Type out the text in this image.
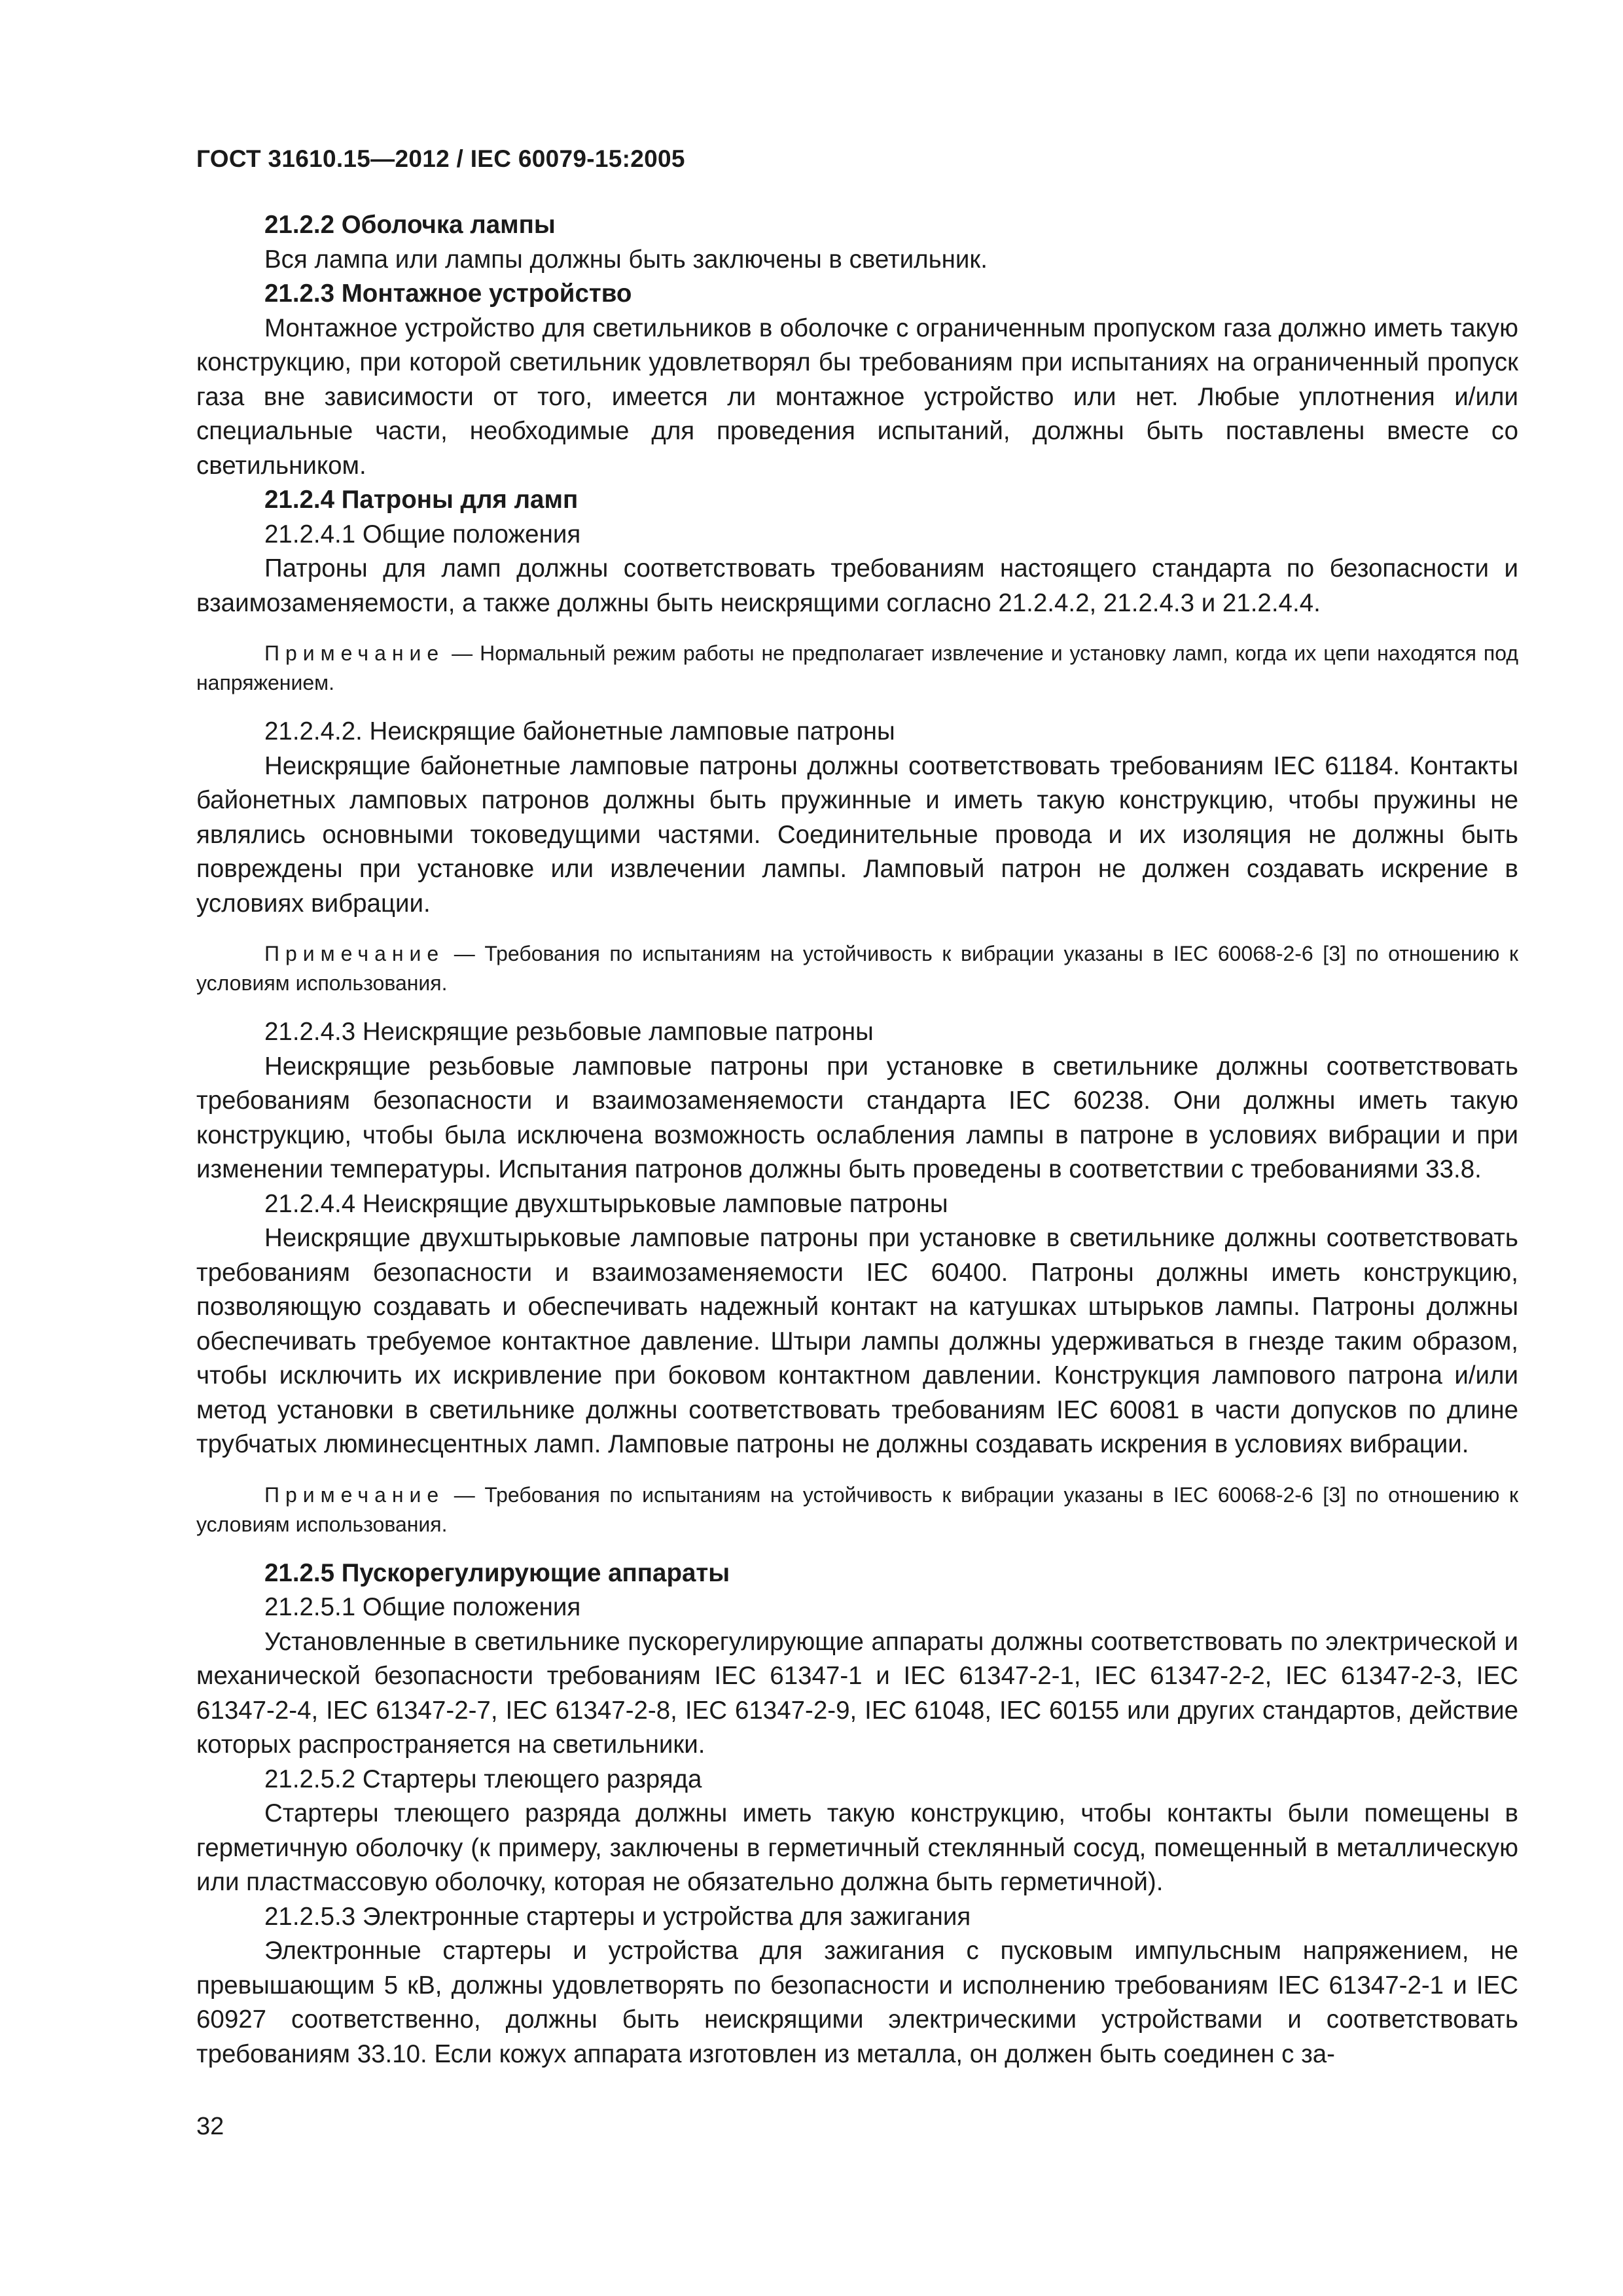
ГОСТ 31610.15—2012 / IEC 60079-15:2005

21.2.2 Оболочка лампы

Вся лампа или лампы должны быть заключены в светильник.

21.2.3 Монтажное устройство

Монтажное устройство для светильников в оболочке с ограниченным пропуском газа должно иметь такую конструкцию, при которой светильник удовлетворял бы требованиям при испытаниях на ограниченный пропуск газа вне зависимости от того, имеется ли монтажное устройство или нет. Любые уплотнения и/или специальные части, необходимые для проведения испытаний, должны быть поставлены вместе со светильником.

21.2.4 Патроны для ламп

21.2.4.1 Общие положения

Патроны для ламп должны соответствовать требованиям настоящего стандарта по безопасности и взаимозаменяемости, а также должны быть неискрящими согласно 21.2.4.2, 21.2.4.3 и 21.2.4.4.

Примечание — Нормальный режим работы не предполагает извлечение и установку ламп, когда их цепи находятся под напряжением.

21.2.4.2. Неискрящие байонетные ламповые патроны

Неискрящие байонетные ламповые патроны должны соответствовать требованиям IEC 61184. Контакты байонетных ламповых патронов должны быть пружинные и иметь такую конструкцию, чтобы пружины не являлись основными токоведущими частями. Соединительные провода и их изоляция не должны быть повреждены при установке или извлечении лампы. Ламповый патрон не должен создавать искрение в условиях вибрации.

Примечание — Требования по испытаниям на устойчивость к вибрации указаны в IEC 60068-2-6 [3] по отношению к условиям использования.

21.2.4.3 Неискрящие резьбовые ламповые патроны

Неискрящие резьбовые ламповые патроны при установке в светильнике должны соответствовать требованиям безопасности и взаимозаменяемости стандарта IEC 60238. Они должны иметь такую конструкцию, чтобы была исключена возможность ослабления лампы в патроне в условиях вибрации и при изменении температуры. Испытания патронов должны быть проведены в соответствии с требованиями 33.8.

21.2.4.4 Неискрящие двухштырьковые ламповые патроны

Неискрящие двухштырьковые ламповые патроны при установке в светильнике должны соответствовать требованиям безопасности и взаимозаменяемости IEC 60400. Патроны должны иметь конструкцию, позволяющую создавать и обеспечивать надежный контакт на катушках штырьков лампы. Патроны должны обеспечивать требуемое контактное давление. Штыри лампы должны удерживаться в гнезде таким образом, чтобы исключить их искривление при боковом контактном давлении. Конструкция лампового патрона и/или метод установки в светильнике должны соответствовать требованиям IEC 60081 в части допусков по длине трубчатых люминесцентных ламп. Ламповые патроны не должны создавать искрения в условиях вибрации.

Примечание — Требования по испытаниям на устойчивость к вибрации указаны в IEC 60068-2-6 [3] по отношению к условиям использования.

21.2.5 Пускорегулирующие аппараты

21.2.5.1 Общие положения

Установленные в светильнике пускорегулирующие аппараты должны соответствовать по электрической и механической безопасности требованиям IEC 61347-1 и IEC 61347-2-1, IEC 61347-2-2, IEC 61347-2-3, IEC 61347-2-4, IEC 61347-2-7, IEC 61347-2-8, IEC 61347-2-9, IEC 61048, IEC 60155 или других стандартов, действие которых распространяется на светильники.

21.2.5.2 Стартеры тлеющего разряда

Стартеры тлеющего разряда должны иметь такую конструкцию, чтобы контакты были помещены в герметичную оболочку (к примеру, заключены в герметичный стеклянный сосуд, помещенный в металлическую или пластмассовую оболочку, которая не обязательно должна быть герметичной).

21.2.5.3 Электронные стартеры и устройства для зажигания

Электронные стартеры и устройства для зажигания с пусковым импульсным напряжением, не превышающим 5 кВ, должны удовлетворять по безопасности и исполнению требованиям IEC 61347-2-1 и IEC 60927 соответственно, должны быть неискрящими электрическими устройствами и соответствовать требованиям 33.10. Если кожух аппарата изготовлен из металла, он должен быть соединен с за-

32
